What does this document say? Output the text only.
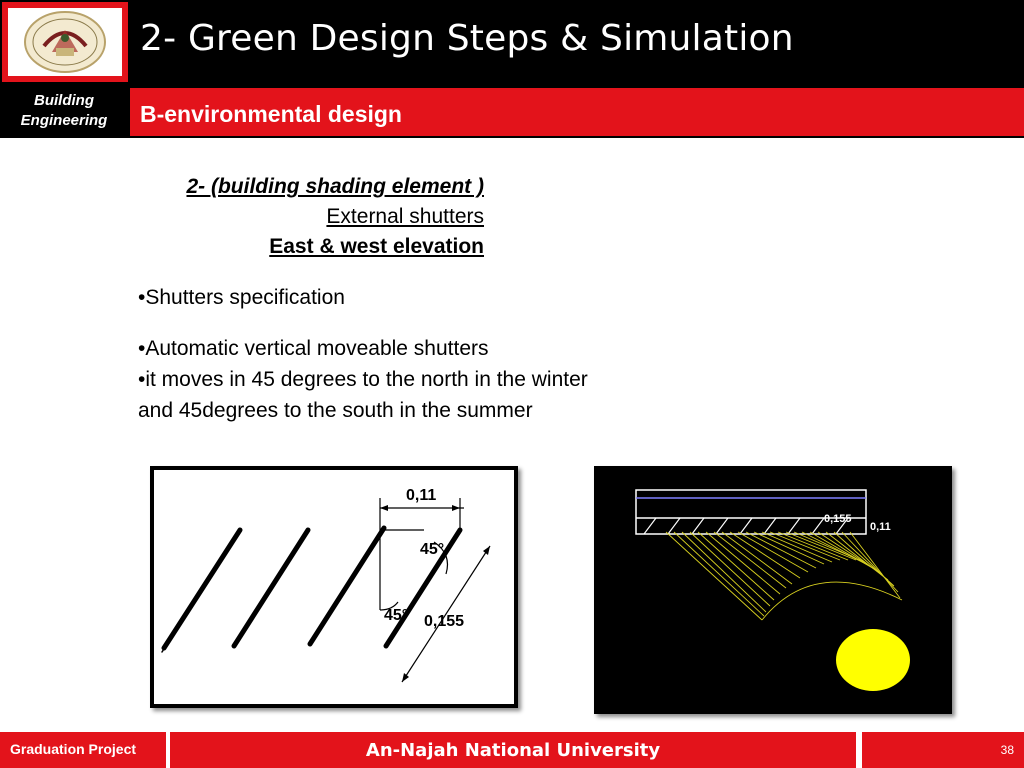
2- Green Design Steps & Simulation
Building
Engineering	B-environmental design
2- (building shading element )
External shutters
East & west elevation

•Shutters specification

•Automatic vertical moveable shutters

•it moves in 45 degrees to the north in the winter and 45degrees to the south in the summer

0,11
45°
45° 0,155
0,155
0,11
Graduation Project	An-Najah National University	38
